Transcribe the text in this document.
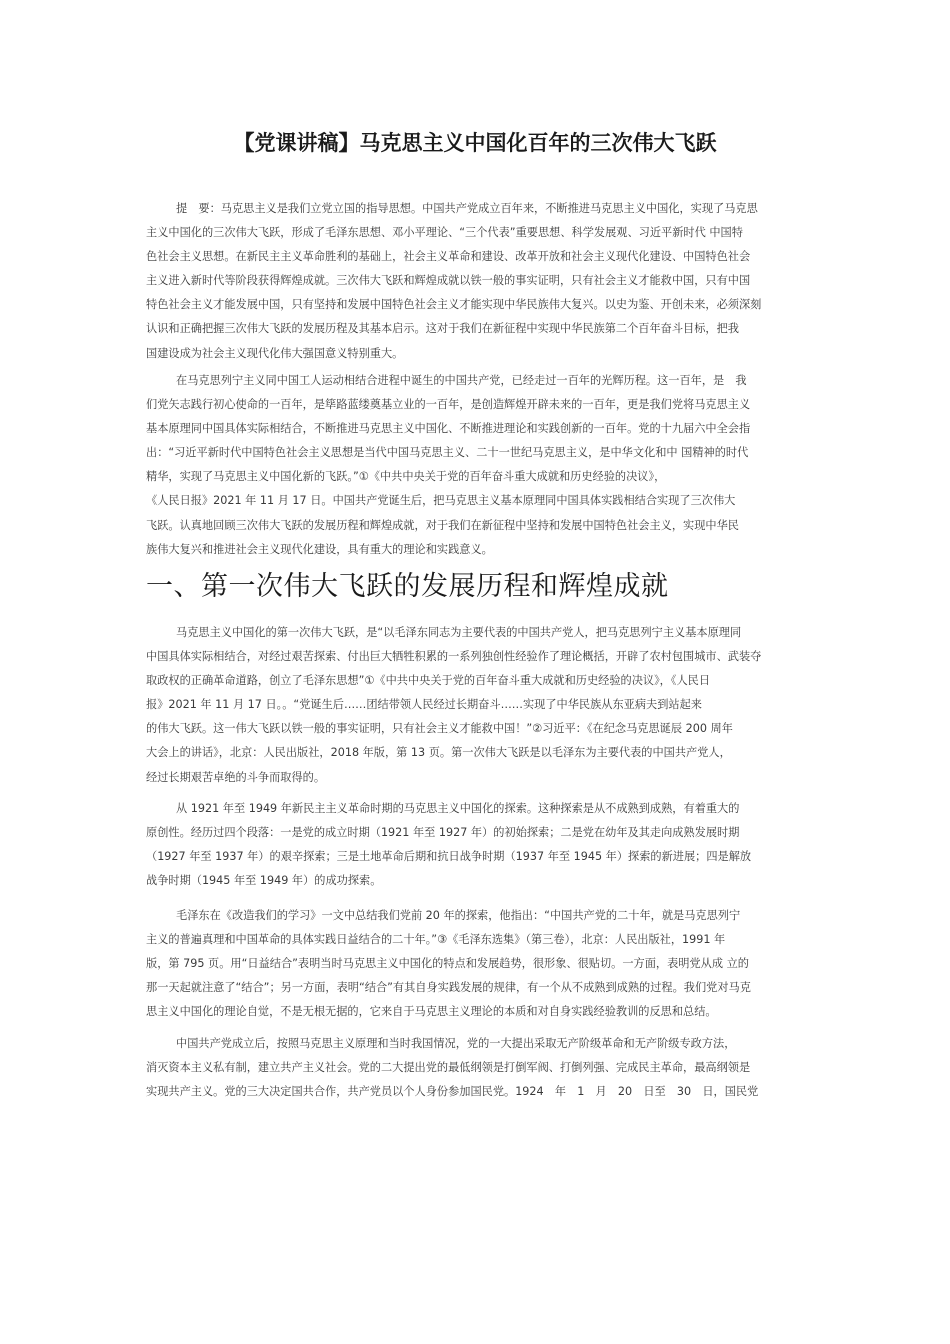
【党课讲稿】马克思主义中国化百年的三次伟大飞跃
提　要：马克思主义是我们立党立国的指导思想。中国共产党成立百年来，不断推进马克思主义中国化，实现了马克思
主义中国化的三次伟大飞跃，形成了毛泽东思想、邓小平理论、“三个代表”重要思想、科学发展观、习近平新时代 中国特
色社会主义思想。在新民主主义革命胜利的基础上，社会主义革命和建设、改革开放和社会主义现代化建设、中国特色社会
主义进入新时代等阶段获得辉煌成就。三次伟大飞跃和辉煌成就以铁一般的事实证明，只有社会主义才能救中国，只有中国
特色社会主义才能发展中国，只有坚持和发展中国特色社会主义才能实现中华民族伟大复兴。以史为鉴、开创未来，必须深刻
认识和正确把握三次伟大飞跃的发展历程及其基本启示。这对于我们在新征程中实现中华民族第二个百年奋斗目标，把我
国建设成为社会主义现代化伟大强国意义特别重大。
在马克思列宁主义同中国工人运动相结合进程中诞生的中国共产党，已经走过一百年的光辉历程。这一百年，是　我
们党矢志践行初心使命的一百年，是筚路蓝缕奠基立业的一百年，是创造辉煌开辟未来的一百年，更是我们党将马克思主义
基本原理同中国具体实际相结合，不断推进马克思主义中国化、不断推进理论和实践创新的一百年。党的十九届六中全会指
出：“习近平新时代中国特色社会主义思想是当代中国马克思主义、二十一世纪马克思主义，是中华文化和中 国精神的时代
精华，实现了马克思主义中国化新的飞跃。”①《中共中央关于党的百年奋斗重大成就和历史经验的决议》，
《人民日报》2021 年 11 月 17 日。中国共产党诞生后，把马克思主义基本原理同中国具体实践相结合实现了三次伟大
飞跃。认真地回顾三次伟大飞跃的发展历程和辉煌成就，对于我们在新征程中坚持和发展中国特色社会主义，实现中华民
族伟大复兴和推进社会主义现代化建设，具有重大的理论和实践意义。
一、第一次伟大飞跃的发展历程和辉煌成就
马克思主义中国化的第一次伟大飞跃，是“以毛泽东同志为主要代表的中国共产党人，把马克思列宁主义基本原理同
中国具体实际相结合，对经过艰苦探索、付出巨大牺牲积累的一系列独创性经验作了理论概括，开辟了农村包围城市、武装夺
取政权的正确革命道路，创立了毛泽东思想”①《中共中央关于党的百年奋斗重大成就和历史经验的决议》，《人民日
报》2021 年 11 月 17 日。。“党诞生后……团结带领人民经过长期奋斗……实现了中华民族从东亚病夫到站起来
的伟大飞跃。这一伟大飞跃以铁一般的事实证明，只有社会主义才能救中国！”②习近平：《在纪念马克思诞辰 200 周年
大会上的讲话》，北京：人民出版社，2018 年版，第 13 页。第一次伟大飞跃是以毛泽东为主要代表的中国共产党人，
经过长期艰苦卓绝的斗争而取得的。
从 1921 年至 1949 年新民主主义革命时期的马克思主义中国化的探索。这种探索是从不成熟到成熟，有着重大的
原创性。经历过四个段落：一是党的成立时期（1921 年至 1927 年）的初始探索；二是党在幼年及其走向成熟发展时期
（1927 年至 1937 年）的艰辛探索；三是土地革命后期和抗日战争时期（1937 年至 1945 年）探索的新进展；四是解放
战争时期（1945 年至 1949 年）的成功探索。
毛泽东在《改造我们的学习》一文中总结我们党前 20 年的探索，他指出：“中国共产党的二十年，就是马克思列宁
主义的普遍真理和中国革命的具体实践日益结合的二十年。”③《毛泽东选集》（第三卷），北京：人民出版社，1991 年
版，第 795 页。用“日益结合”表明当时马克思主义中国化的特点和发展趋势，很形象、很贴切。一方面，表明党从成 立的
那一天起就注意了“结合”；另一方面，表明“结合”有其自身实践发展的规律，有一个从不成熟到成熟的过程。我们党对马克
思主义中国化的理论自觉，不是无根无据的，它来自于马克思主义理论的本质和对自身实践经验教训的反思和总结。
中国共产党成立后，按照马克思主义原理和当时我国情况，党的一大提出采取无产阶级革命和无产阶级专政方法，
消灭资本主义私有制，建立共产主义社会。党的二大提出党的最低纲领是打倒军阀、打倒列强、完成民主革命，最高纲领是
实现共产主义。党的三大决定国共合作，共产党员以个人身份参加国民党。1924　年　1　月　20　日至　30　日，国民党
